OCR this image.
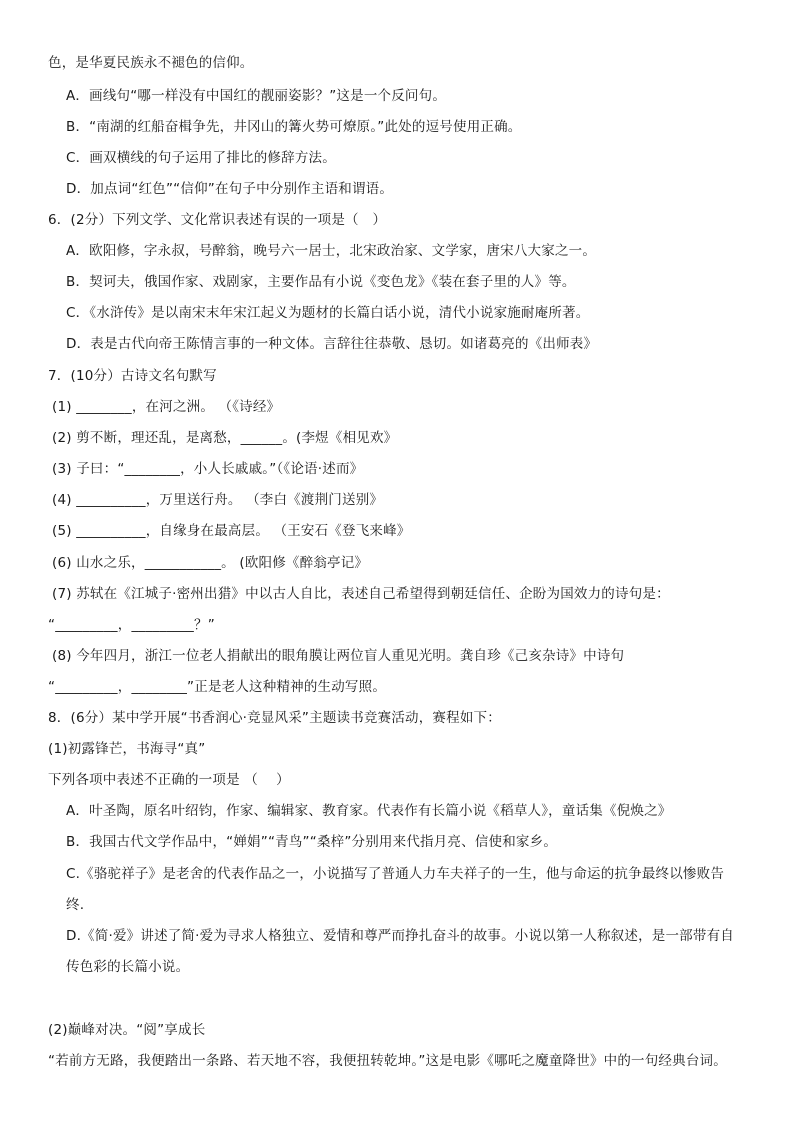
色，是华夏民族永不褪色的信仰。
A．画线句“哪一样没有中国红的靓丽姿影？”这是一个反问句。
B．“南湖的红船奋楫争先，井冈山的篝火势可燎原。”此处的逗号使用正确。
C．画双横线的句子运用了排比的修辞方法。
D．加点词“红色”“信仰”在句子中分别作主语和谓语。
6．(2分）下列文学、文化常识表述有误的一项是（　）
A．欧阳修，字永叔，号醉翁，晚号六一居士，北宋政治家、文学家，唐宋八大家之一。
B．契诃夫，俄国作家、戏剧家，主要作品有小说《变色龙》《装在套子里的人》等。
C．《水浒传》是以南宋末年宋江起义为题材的长篇白话小说，清代小说家施耐庵所著。
D．表是古代向帝王陈情言事的一种文体。言辞往往恭敬、恳切。如诸葛亮的《出师表》
7．(10分）古诗文名句默写
(1) ________，在河之洲。 （《诗经》
(2) 剪不断，理还乱，是离愁，______。(李煜《相见欢》
(3) 子曰：“________，小人长戚戚。”（《论语·述而》
(4) __________，万里送行舟。 （李白《渡荆门送别》
(5) __________，自缘身在最高层。 （王安石《登飞来峰》
(6) 山水之乐，___________。 (欧阳修《醉翁亭记》
(7) 苏轼在《江城子·密州出猎》中以古人自比，表述自己希望得到朝廷信任、企盼为国效力的诗句是：
“_________，_________？”
(8) 今年四月，浙江一位老人捐献出的眼角膜让两位盲人重见光明。龚自珍《己亥杂诗》中诗句
“_________，________”正是老人这种精神的生动写照。
8．(6分）某中学开展“书香润心·竞显风采”主题读书竞赛活动，赛程如下：
(1)初露锋芒，书海寻“真”
下列各项中表述不正确的一项是 （　 ）
A．叶圣陶，原名叶绍钧，作家、编辑家、教育家。代表作有长篇小说《稻草人》，童话集《倪焕之》
B．我国古代文学作品中，“婵娟”“青鸟”“桑梓”分别用来代指月亮、信使和家乡。
C.《骆驼祥子》是老舍的代表作品之一，小说描写了普通人力车夫祥子的一生，他与命运的抗争最终以惨败告
终.
D.《简·爱》讲述了简·爱为寻求人格独立、爱情和尊严而挣扎奋斗的故事。小说以第一人称叙述，是一部带有自
传色彩的长篇小说。
(2)巅峰对决。“阅”享成长
“若前方无路，我便踏出一条路、若天地不容，我便扭转乾坤。”这是电影《哪吒之魔童降世》中的一句经典台词。
